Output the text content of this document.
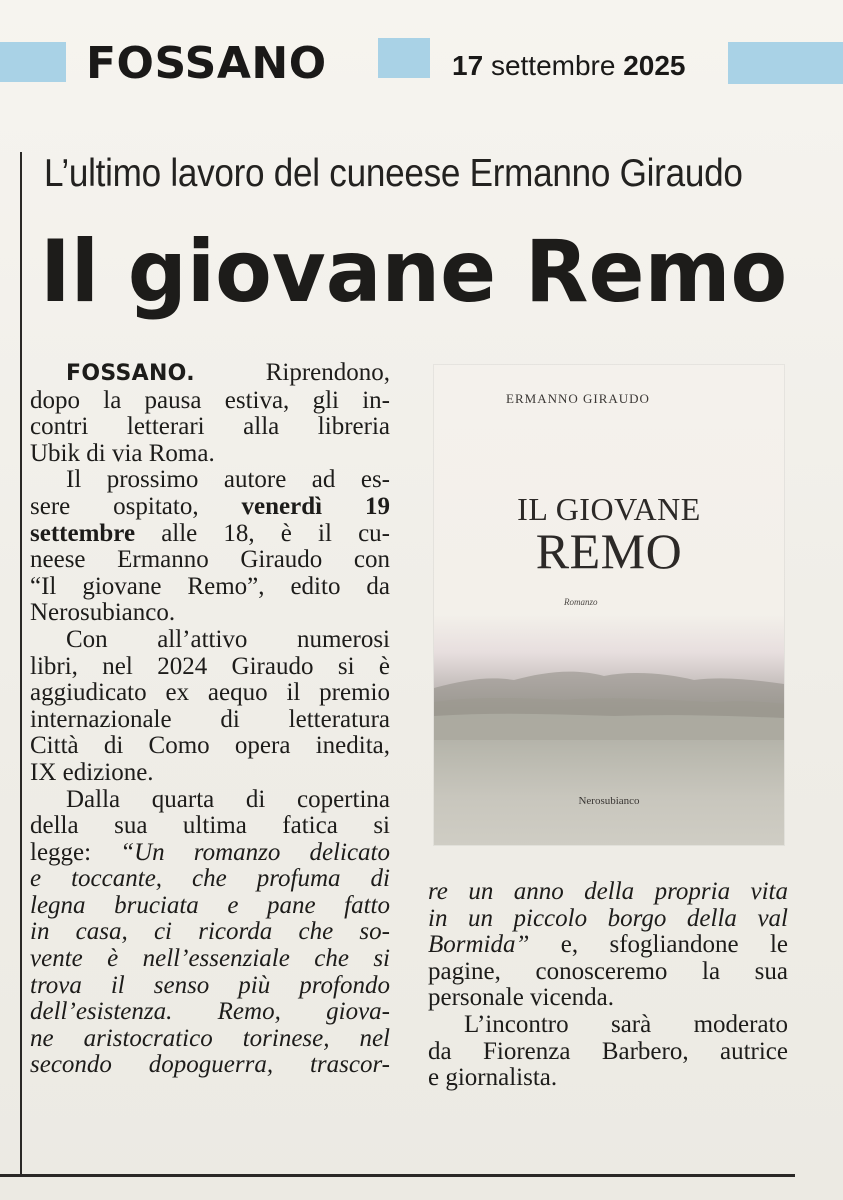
FOSSANO	17 settembre 2025
L’ultimo lavoro del cuneese Ermanno Giraudo
Il giovane Remo
FOSSANO. Riprendono,
dopo la pausa estiva, gli in-
contri letterari alla libreria
Ubik di via Roma.
Il prossimo autore ad es-
sere ospitato, venerdì 19
settembre alle 18, è il cu-
neese Ermanno Giraudo con
“Il giovane Remo”, edito da
Nerosubianco.
Con all’attivo numerosi
libri, nel 2024 Giraudo si è
aggiudicato ex aequo il premio
internazionale di letteratura
Città di Como opera inedita,
IX edizione.
Dalla quarta di copertina
della sua ultima fatica si
legge: “Un romanzo delicato
e toccante, che profuma di
legna bruciata e pane fatto
in casa, ci ricorda che so-
vente è nell’essenziale che si
trova il senso più profondo
dell’esistenza. Remo, giova-
ne aristocratico torinese, nel
secondo dopoguerra, trascor-
ERMANNO GIRAUDO
IL GIOVANE
REMO
Romanzo
Nerosubianco
re un anno della propria vita
in un piccolo borgo della val
Bormida” e, sfogliandone le
pagine, conosceremo la sua
personale vicenda.
L’incontro sarà moderato
da Fiorenza Barbero, autrice
e giornalista.
